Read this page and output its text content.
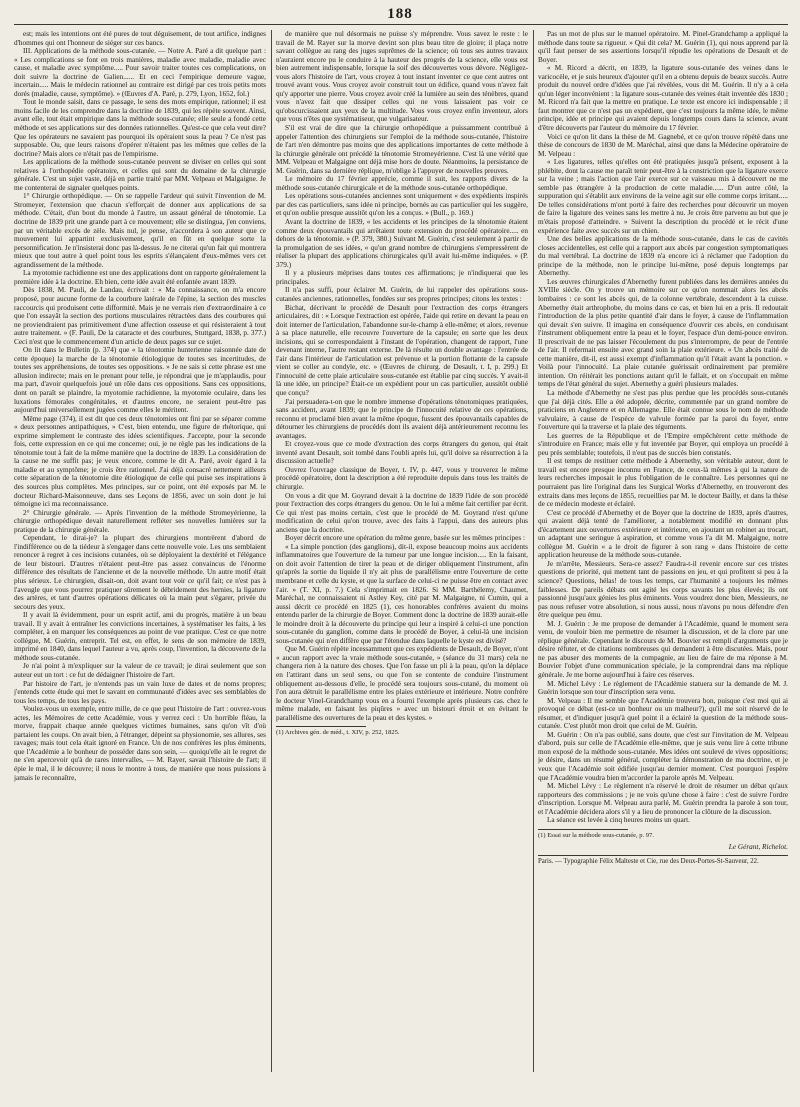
188

est; mais les intentions ont été pures de tout déguisement, de tout artifice, indignes d'hommes qui ont l'honneur de siéger sur ces bancs.

III. Applications de la méthode sous-cutanée. — Notre A. Paré a dit quelque part : « Les complications se font en trois manières, maladie avec maladie, maladie avec cause, et maladie avec symptôme..... Pour savoir traiter toutes ces complications, on doit suivre la doctrine de Galien...... Et en ceci l'empirique demeure vague, incertain..... Mais le médecin rationnel au contraire est dirigé par ces trois petits mots dorés (maladie, cause, symptôme). » (Œuvres d'A. Paré, p. 279, Lyon, 1652, fol.)

Tout le monde saisit, dans ce passage, le sens des mots empirique, rationnel; il est moins facile de les comprendre dans la doctrine de 1839, qui les répète souvent. Ainsi, avant elle, tout était empirique dans la méthode sous-cutanée; elle seule a fondé cette méthode et ses applications sur des données rationnelles. Qu'est-ce que cela veut dire? Que les opérateurs ne savaient pas pourquoi ils opéraient sous la peau ? Ce n'est pas supposable. Ou, que leurs raisons d'opérer n'étaient pas les mêmes que celles de la doctrine? Mais alors ce n'était pas de l'empirisme.

Les applications de la méthode sous-cutanée peuvent se diviser en celles qui sont relatives à l'orthopédie opératoire, et celles qui sont du domaine de la chirurgie générale. C'est un sujet vaste, déjà en partie traité par MM. Velpeau et Malgaigne. Je me contenterai de signaler quelques points.

1° Chirurgie orthopédique. — On se rappelle l'ardeur qui suivit l'invention de M. Stromeyer, l'extension que chacun s'efforçait de donner aux applications de sa méthode. C'était, d'un bout du monde à l'autre, un assaut général de ténotomie. La doctrine de 1839 prit une grande part à ce mouvement; elle se distingua, j'en conviens, par un véritable excès de zèle. Mais nul, je pense, n'accordera à son auteur que ce mouvement lui appartint exclusivement, qu'il en fût en quelque sorte la personnification. Je n'insisterai donc pas là-dessus. Je ne citerai qu'un fait qui montrera mieux que tout autre à quel point tous les esprits s'élançaient d'eux-mêmes vers cet agrandissement de la méthode.

La myotomie rachidienne est une des applications dont on rapporte généralement la première idée à la doctrine. Eh bien, cette idée avait été enfantée avant 1839.

Dès 1838, M. Pauli, de Landau, écrivait : « Ma connaissance, on m'a encore proposé, pour aucune forme de la courbure latérale de l'épine, la section des muscles raccourcis qui produisent cette difformité. Mais je ne verrais rien d'extraordinaire à ce que l'on essayât la section des portions musculaires rétractées dans des courbures qui ne proviendraient pas primitivement d'une affection osseuse et qui résisteraient à tout autre traitement. » (F. Pauli, De la cataracte et des courbures, Stuttgard, 1838, p. 377.) Ceci n'est que le commencement d'un article de deux pages sur ce sujet.

On lit dans le Bulletin (p. 374) que « la ténotomie hunterienne raisonnée date de cette époque) la marche de la ténotomie étiologique de toutes ses incertitudes, de toutes ses appréhensions, de toutes ses oppositions. » Je ne sais si cette phrase est une allusion indirecte; mais en le prenant pour telle, je répondrai que je m'applaudis, pour ma part, d'avoir quelquefois joué un rôle dans ces oppositions. Sans ces oppositions, dont on paraît se plaindre, la myotomie rachidienne, la myotomie oculaire, dans les luxations fémorales congénitales, et d'autres encore, ne seraient peut-être pas aujourd'hui universellement jugées comme elles le méritent.

Même page (374), il est dit que ces deux ténotomies ont fini par se séparer comme « deux personnes antipathiques, » C'est, bien entendu, une figure de rhétorique, qui exprime simplement le contraste des idées scientifiques. J'accepte, pour la seconde fois, cette expression en ce qui me concerne; oui, je ne règle pas les indications de la ténotomie tout à fait de la même manière que la doctrine de 1839. La considération de la cause ne me suffit pas; je veux encore, comme le dit A. Paré, avoir égard à la maladie et au symptôme; je crois être rationnel. J'ai déjà consacré nettement ailleurs cette séparation de la ténotomie dite étiologique de celle qui puise ses inspirations à des sources plus complètes. Mes principes, sur ce point, ont été exposés par M. le docteur Richard-Maisonneuve, dans ses Leçons de 1856, avec un soin dont je lui témoigne ici ma reconnaissance.

2° Chirurgie générale. — Après l'invention de la méthode Stromeyérienne, la chirurgie orthopédique devait naturellement refléter ses nouvelles lumières sur la pratique de la chirurgie générale.

Cependant, le dirai-je? la plupart des chirurgiens montrèrent d'abord de l'indifférence ou de la tiédeur à s'engager dans cette nouvelle voie. Les uns semblaient renoncer à regret à ces incisions cutanées, où se déployaient la dextérité et l'élégance de leur bistouri. D'autres n'étaient peut-être pas assez convaincus de l'énorme différence des résultats de l'ancienne et de la nouvelle méthode. Un autre motif était plus sérieux. Le chirurgien, disait-on, doit avant tout voir ce qu'il fait; ce n'est pas à l'aveugle que vous pourrez pratiquer sûrement le débridement des hernies, la ligature des artères, et tant d'autres opérations délicates où la main peut s'égarer, privée du secours des yeux.

Il y avait là évidemment, pour un esprit actif, ami du progrès, matière à un beau travail. Il y avait à entraîner les convictions incertaines, à systématiser les faits, à les compléter, à en marquer les conséquences au point de vue pratique. C'est ce que notre collègue, M. Guérin, entreprit. Tel est, en effet, le sens de son mémoire de 1839, imprimé en 1840, dans lequel l'auteur a vu, après coup, l'invention, la découverte de la méthode sous-cutanée.

Je n'ai point à m'expliquer sur la valeur de ce travail; je dirai seulement que son auteur eut un tort : ce fut de dédaigner l'histoire de l'art.

Par histoire de l'art, je n'entends pas un vain luxe de dates et de noms propres; j'entends cette étude qui met le savant en communauté d'idées avec ses semblables de tous les temps, de tous les pays.

Voulez-vous un exemple, entre mille, de ce que peut l'histoire de l'art : ouvrez-vous actes, les Mémoires de cette Académie, vous y verrez ceci : Un horrible fléau, la morve, frappait chaque année quelques victimes humaines, sans qu'on vît d'où partaient les coups. On avait bien, à l'étranger, dépeint sa physionomie, ses allures, ses ravages; mais tout cela était ignoré en France. Un de nos confrères les plus éminents, que l'Académie a le bonheur de posséder dans son sein, — quoiqu'elle ait le regret de ne s'en apercevoir qu'à de rares intervalles, — M. Rayer, savait l'histoire de l'art; il épie le mal, il le découvre; il nous le montre à tous, de manière que nous puissions à jamais le reconnaître,

de manière que nul désormais ne puisse s'y méprendre. Vous savez le reste : le travail de M. Rayer sur la morve devint son plus beau titre de gloire; il plaça notre savant collègue au rang des juges suprêmes de la science; où tous ses autres travaux n'auraient encore pu le conduire à la hauteur des progrès de la science, elle vous est bien autrement indispensable, lorsque la soif des découvertes vous dévore. Négligez-vous alors l'histoire de l'art, vous croyez à tout instant inventer ce que cent autres ont trouvé avant vous. Vous croyez avoir construit tout un édifice, quand vous n'avez fait qu'y apporter une pierre. Vous croyez avoir créé la lumière au sein des ténèbres, quand vous n'avez fait que dissiper celles qui ne vous laissaient pas voir ce qu'obscurcissaient aux yeux de la multitude. Vous vous croyez enfin inventeur, alors que vous n'êtes que systématiseur, que vulgarisateur.

S'il est vrai de dire que la chirurgie orthopédique a puissamment contribué à appeler l'attention des chirurgiens sur l'emploi de la méthode sous-cutanée, l'histoire de l'art n'en démontre pas moins que des applications importantes de cette méthode à la chirurgie générale ont précédé la ténotomie Stromeyérienne. C'est là une vérité que MM. Velpeau et Malgaigne ont déjà mise hors de doute. Néanmoins, la persistance de M. Guérin, dans sa dernière réplique, m'oblige à l'appuyer de nouvelles preuves.

Le mémoire du 17 février apprécie, comme il suit, les rapports divers de la méthode sous-cutanée chirurgicale et de la méthode sous-cutanée orthopédique.

Les opérations sous-cutanées anciennes sont uniquement « des expédients inspirés par des cas particuliers, sans idée ni principe, bornés au cas particulier qui les suggère, et qu'on oublie presque aussitôt qu'on les a conçus. » (Bull., p. 169.)

Avant la doctrine de 1839, « les accidents et les principes de la ténotomie étaient comme deux épouvantails qui arrêtaient toute extension du procédé opératoire..... en dehors de la ténotomie. » (P. 379, 380.) Suivant M. Guérin, c'est seulement à partir de la promulgation de ses idées, « qu'un grand nombre de chirurgiens s'empressèrent de réaliser la plupart des applications chirurgicales qu'il avait lui-même indiquées. » (P. 379.)

Il y a plusieurs méprises dans toutes ces affirmations; je n'indiquerai que les principales.

Il n'a pas suffi, pour éclairer M. Guérin, de lui rappeler des opérations sous-cutanées anciennes, rationnelles, fondées sur ses propres principes; citons les textes :

Bichat, décrivant le procédé de Desault pour l'extraction des corps étrangers articulaires, dit : « Lorsque l'extraction est opérée, l'aide qui retire en devant la peau en doit interner de l'articulation, l'abandonne sur-le-champ à elle-même; et alors, revenue à sa place naturelle, elle recouvre l'ouverture de la capsule; en sorte que les deux incisions, qui se correspondaient à l'instant de l'opération, changent de rapport, l'une devenant interne, l'autre restant externe. De là résulte un double avantage : l'entrée de l'air dans l'intérieur de l'articulation est prévenue et la portion flottante de la capsule vient se coller au condyle, etc. » (Œuvres de chirurg. de Desault, t. I, p. 299.) Et l'innocuité de cette plaie articulaire sous-cutanée est établie par cinq succès. Y avait-il là une idée, un principe? Était-ce un expédient pour un cas particulier, aussitôt oublié que conçu?

J'ai persuadera-t-on que le nombre immense d'opérations ténotomiques pratiquées, sans accident, avant 1839; que le principe de l'innocuité relative de ces opérations, reconnu et proclamé bien avant la même époque, fussent des épouvantails capables de détourner les chirurgiens de procédés dont ils avaient déjà antérieurement reconnu les avantages.

Et croyez-vous que ce mode d'extraction des corps étrangers du genou, qui était inventé avant Desault, soit tombé dans l'oubli après lui, qu'il doive sa résurrection à la discussion actuelle?

Ouvrez l'ouvrage classique de Boyer, t. IV, p. 447, vous y trouverez le même procédé opératoire, dont la description a été reproduite depuis dans tous les traités de chirurgie.

On vous a dit que M. Goyrand devait à la doctrine de 1839 l'idée de son procédé pour l'extraction des corps étrangers du genou. On le lui a même fait certifier par écrit. Ce qui n'est pas moins certain, c'est que le procédé de M. Goyrand n'est qu'une modification de celui qu'on trouve, avec des faits à l'appui, dans des auteurs plus anciens que la doctrine.

Boyer décrit encore une opération du même genre, basée sur les mêmes principes :

« La simple ponction (des ganglions), dit-il, expose beaucoup moins aux accidents inflammatoires que l'ouverture de la tumeur par une longue incision..... En la faisant, on doit avoir l'attention de tirer la peau et de diriger obliquement l'instrument, afin qu'après la sortie du liquide il n'y ait plus de parallélisme entre l'ouverture de cette membrane et celle du kyste, et que la surface de celui-ci ne puisse être en contact avec l'air. » (T. XI, p. 7.) Cela s'imprimait en 1826. Si MM. Barthélemy, Chaumet, Maréchal, ne connaissaient ni Astley Key, cité par M. Malgaigne, ni Cumin, qui a aussi décrit ce procédé en 1825 (1), ces honorables confrères avaient du moins entendu parler de la chirurgie de Boyer. Comment donc la doctrine de 1839 aurait-elle le moindre droit à la découverte du principe qui leur a inspiré à celui-ci une ponction sous-cutanée du ganglion, comme dans le procédé de Boyer, à celui-là une incision sous-cutanée qui n'en diffère que par l'étendue dans laquelle le kyste est divisé?

Que M. Guérin répète incessamment que ces expédients de Desault, de Boyer, n'ont « aucun rapport avec la vraie méthode sous-cutanée, » (séance du 31 mars) cela ne changera rien à la nature des choses. Que l'on fasse un pli à la peau, qu'on la déplace en l'attirant dans un seul sens, ou que l'on se contente de conduire l'instrument obliquement au-dessous d'elle, le procédé sera toujours sous-cutané, du moment où l'on aura détruit le parallélisme entre les plaies extérieure et intérieure. Notre confrère le docteur Vinel-Grandchamp vous en a fourni l'exemple après plusieurs cas. chez le même malade, en faisant les piqûres » avec un bistouri étroit et en évitant le parallélisme des ouvertures de la peau et des kystes. »

(1) Archives gén. de méd., t. XIV, p. 252, 1825.

Pas un mot de plus sur le manuel opératoire. M. Pinel-Grandchamp a appliqué la méthode dans toute sa rigueur. » Qui dit cela? M. Guérin (1), qui nous apprend par là qu'il faut penser de ses assertions lorsqu'il répudie les opérations de Desault et de Boyer.

« M. Ricord a décrit, en 1839, la ligature sous-cutanée des veines dans le varicocèle, et je suis heureux d'ajouter qu'il en a obtenu depuis de beaux succès. Autre produit du nouvel ordre d'idées que j'ai révélées, vous dit M. Guérin. Il n'y a à cela qu'un léger inconvénient : la ligature sous-cutanée des veines était inventée dès 1830 ; M. Ricord n'a fait que la mettre en pratique. Le texte est encore ici indispensable ; il faut montrer que ce n'est pas un expédient, que c'est toujours la même idée, le même principe, idée et principe qui avaient depuis longtemps cours dans la science, avant d'être découverts par l'auteur du mémoire du 17 février.

Voici ce qu'on lit dans la thèse de M. Gagnebé, et ce qu'on trouve répété dans une thèse de concours de 1830 de M. Maréchal, ainsi que dans la Médecine opératoire de M. Velpeau :

« Les ligatures, telles qu'elles ont été pratiquées jusqu'à présent, exposent à la phlébite, dont la cause me paraît tenir peut-être à la constriction que la ligature exerce sur la veine ; mais l'action que l'air exerce sur ce vaisseau mis à découvert ne me semble pas étrangère à la production de cette maladie...... D'un autre côté, la suppuration qui s'établit aux environs de la veine agit sur elle comme corps irritant..... De telles considérations m'ont porté à faire des recherches pour découvrir un moyen de faire la ligature des veines sans les mettre à nu. Je crois être parvenu au but que je m'étais proposé d'atteindre. » Suivent la description du procédé et le récit d'une expérience faite avec succès sur un chien.

Une des belles applications de la méthode sous-cutanée, dans le cas de cavités closes accidentelles, est celle qui a rapport aux abcès par congestion symptomatiques du mal vertébral. La doctrine de 1839 n'a encore ici à réclamer que l'adoption du principe de la méthode, non le principe lui-même, posé depuis longtemps par Abernethy.

Les œuvres chirurgicales d'Abernethy furent publiées dans les dernières années du XVIIIe siècle. On y trouve un mémoire sur ce qu'on nommait alors les abcès lombaires : ce sont les abcès qui, de la colonne vertébrale, descendent à la cuisse. Abernethy était arthrophobe, du moins dans ce cas, et bien lui en a pris. Il redoutait l'introduction de la plus petite quantité d'air dans le foyer, à cause de l'inflammation qui devait s'en suivre. Il imagina en conséquence d'ouvrir ces abcès, en conduisant l'instrument obliquement entre la peau et le foyer, l'espace d'un demi-pouce environ. Il prescrivait de ne pas laisser l'écoulement du pus s'interrompre, de peur de l'entrée de l'air. Il refermait ensuite avec grand soin la plaie extérieure. « Un abcès traité de cette manière, dit-il, est aussi exempt d'inflammation qu'il l'était avant la ponction. » Voilà pour l'innocuité. La plaie cutanée guérissait ordinairement par première intention. On réitérait les ponctions autant qu'il le fallait, et on s'occupait en même temps de l'état général du sujet. Abernethy a guéri plusieurs malades.

La méthode d'Abernethy ne s'est pas plus perdue que les procédés sous-cutanés que j'ai déjà cités. Elle a été adoptée, décrite, commentée par un grand nombre de praticiens en Angleterre et en Allemagne. Elle était connue sous le nom de méthode valvulaire, à cause de l'espèce de valvule formée par la paroi du foyer, entre l'ouverture qui la traverse et la plaie des téguments.

Les guerres de la République et de l'Empire empêchèrent cette méthode de s'introduire en France; mais elle y fut inventée par Boyer, qui employa un procédé à peu près semblable; toutefois, il n'eut pas de succès bien constatés.

Il est temps de restituer cette méthode à Abernethy, son véritable auteur, dont le travail est encore presque inconnu en France, de ceux-là mêmes à qui la nature de leurs recherches imposait le plus l'obligation de le connaître. Les personnes qui ne pourraient pas lire l'original dans les Surgical Works d'Abernethy, en trouveront des extraits dans mes leçons de 1855, recueillies par M. le docteur Bailly, et dans la thèse de ce médecin modeste et éclairé.

C'est ce procédé d'Abernethy et de Boyer que la doctrine de 1839, après d'autres, qui avaient déjà tenté de l'améliorer, a notablement modifié en donnant plus d'écartement aux ouvertures extérieure et intérieure, en ajoutant un robinet au trocart, un adaptant une seringue à aspiration, et comme vous l'a dit M. Malgaigne, notre collègue M. Guérin « a le droit de figurer à son rang » dans l'histoire de cette application heureuse de la méthode sous-cutanée.

Je m'arrête, Messieurs. Sera-ce assez? Faudra-t-il revenir encore sur ces tristes questions de priorité, qui mettent tant de passions en jeu, et qui profitent si peu à la science? Questions, hélas! de tous les temps, car l'humanité a toujours les mêmes faiblesses. De pareils débats ont agité les corps savants les plus élevés; ils ont passionné jusqu'aux génies les plus éminents. Vous voudrez donc bien, Messieurs, ne pas nous refuser votre absolution, si nous aussi, nous n'avons pu nous défendre d'en être quelque peu ému.

M. J. Guérin : Je me propose de demander à l'Académie, quand le moment sera venu, de vouloir bien me permettre de résumer la discussion, et de la clore par une réplique générale. Cependant le discours de M. Bouvier est rempli d'arguments que je désire réfuter, et de citations nombreuses qui demandent à être discutées. Mais, pour ne pas abuser des moments de la compagnie, au lieu de faire de ma réponse à M. Bouvier l'objet d'une communication spéciale, je la comprendrai dans ma réplique générale. Je me borne aujourd'hui à faire ces réserves.

M. Michel Lévy : Le règlement de l'Académie statuera sur la demande de M. J. Guérin lorsque son tour d'inscription sera venu.

M. Velpeau : Il me semble que l'Académie trouvera bon, puisque c'est moi qui ai provoqué ce débat (est-ce un bonheur ou un malheur?), qu'il me soit réservé de le résumer, et d'indiquer jusqu'à quel point il a éclairé la question de la méthode sous-cutanée. C'est plutôt mon droit que celui de M. Guérin.

M. Guérin : On n'a pas oublié, sans doute, que c'est sur l'invitation de M. Velpeau d'abord, puis sur celle de l'Académie elle-même, que je suis venu lire à cette tribune mon exposé de la méthode sous-cutanée. Mes idées ont soulevé de vives oppositions; je désire, dans un résumé général, compléter la démonstration de ma doctrine, et je veux que l'Académie soit édifiée jusqu'au dernier moment. C'est pourquoi j'espère que l'Académie voudra bien m'accorder la parole après M. Velpeau.

M. Michel Lévy : Le règlement n'a réservé le droit de résumer un débat qu'aux rapporteurs des commissions ; je ne vois qu'une chose à faire : c'est de suivre l'ordre d'inscription. Lorsque M. Velpeau aura parlé, M. Guérin prendra la parole à son tour, et l'Académie décidera alors s'il y a lieu de prononcer la clôture de la discussion.

La séance est levée à cinq heures moins un quart.

(1) Essai sur la méthode sous-cutanée, p. 97.

Le Gérant, Richelot.

Paris. — Typographie Félix Malteste et Cie, rue des Deux-Portes-St-Sauveur, 22.
